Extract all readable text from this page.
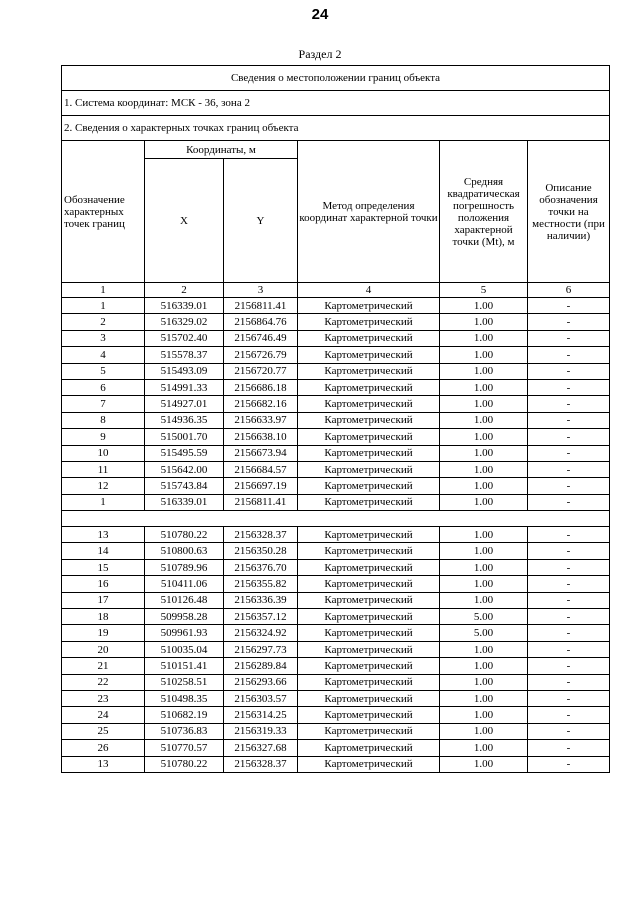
24
Раздел 2
Сведения о местоположении границ объекта					
1. Система координат: МСК - 36, зона 2					
2. Сведения о характерных точках границ объекта					
Обозначение характерных точек границ	Координаты, м		Метод определения координат характерной точки	Средняя квадратическая погрешность положения характерной точки (Mt), м	Описание обозначения точки на местности (при наличии)
	X	Y			
1	2	3	4	5	6
1	516339.01	2156811.41	Картометрический	1.00	-
2	516329.02	2156864.76	Картометрический	1.00	-
3	515702.40	2156746.49	Картометрический	1.00	-
4	515578.37	2156726.79	Картометрический	1.00	-
5	515493.09	2156720.77	Картометрический	1.00	-
6	514991.33	2156686.18	Картометрический	1.00	-
7	514927.01	2156682.16	Картометрический	1.00	-
8	514936.35	2156633.97	Картометрический	1.00	-
9	515001.70	2156638.10	Картометрический	1.00	-
10	515495.59	2156673.94	Картометрический	1.00	-
11	515642.00	2156684.57	Картометрический	1.00	-
12	515743.84	2156697.19	Картометрический	1.00	-
1	516339.01	2156811.41	Картометрический	1.00	-

13	510780.22	2156328.37	Картометрический	1.00	-
14	510800.63	2156350.28	Картометрический	1.00	-
15	510789.96	2156376.70	Картометрический	1.00	-
16	510411.06	2156355.82	Картометрический	1.00	-
17	510126.48	2156336.39	Картометрический	1.00	-
18	509958.28	2156357.12	Картометрический	5.00	-
19	509961.93	2156324.92	Картометрический	5.00	-
20	510035.04	2156297.73	Картометрический	1.00	-
21	510151.41	2156289.84	Картометрический	1.00	-
22	510258.51	2156293.66	Картометрический	1.00	-
23	510498.35	2156303.57	Картометрический	1.00	-
24	510682.19	2156314.25	Картометрический	1.00	-
25	510736.83	2156319.33	Картометрический	1.00	-
26	510770.57	2156327.68	Картометрический	1.00	-
13	510780.22	2156328.37	Картометрический	1.00	-
